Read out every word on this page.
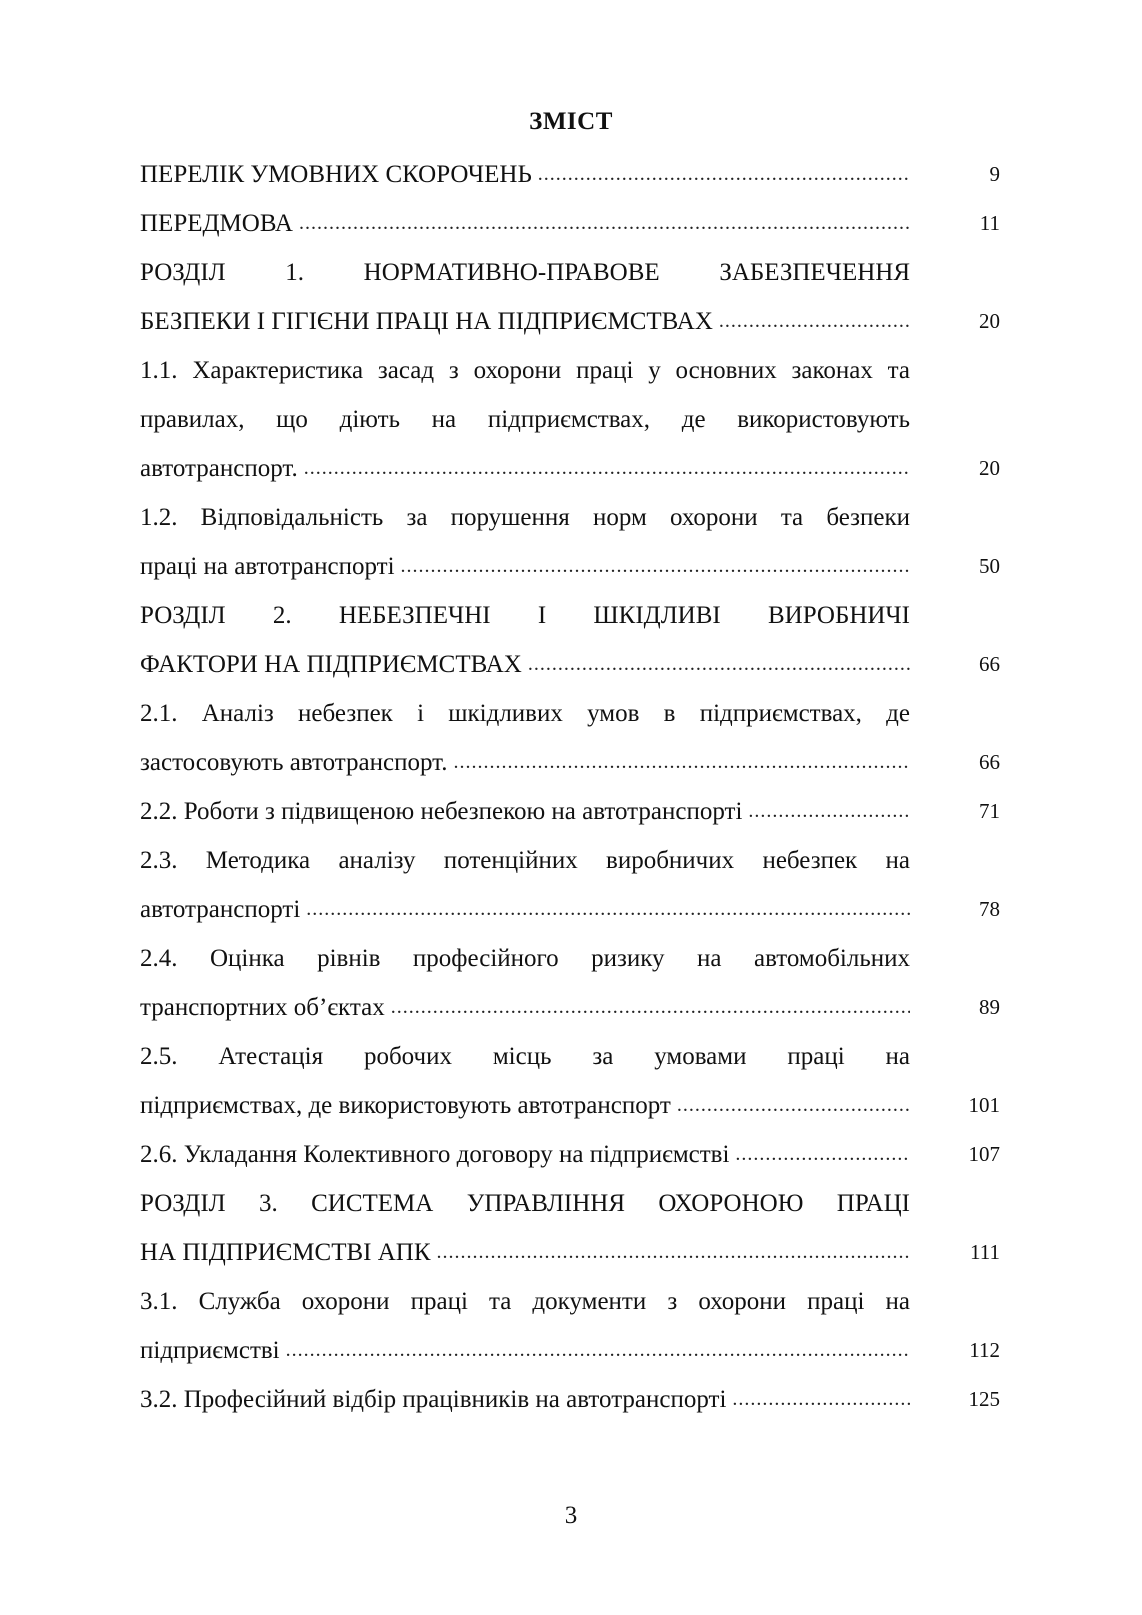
ЗМІСТ
ПЕРЕЛІК УМОВНИХ СКОРОЧЕНЬ .....	9
ПЕРЕДМОВА .....	11
РОЗДІЛ 1. НОРМАТИВНО-ПРАВОВЕ ЗАБЕЗПЕЧЕННЯ
БЕЗПЕКИ І ГІГІЄНИ ПРАЦІ НА ПІДПРИЄМСТВАХ .....	20
1.1. Характеристика засад з охорони праці у основних законах та
правилах, що діють на підприємствах, де використовують
автотранспорт. .....	20
1.2. Відповідальність за порушення норм охорони та безпеки
праці на автотранспорті .....	50
РОЗДІЛ 2. НЕБЕЗПЕЧНІ І ШКІДЛИВІ ВИРОБНИЧІ
ФАКТОРИ НА ПІДПРИЄМСТВАХ .....	66
2.1. Аналіз небезпек і шкідливих умов в підприємствах, де
застосовують автотранспорт. .....	66
2.2. Роботи з підвищеною небезпекою на автотранспорті .....	71
2.3. Методика аналізу потенційних виробничих небезпек на
автотранспорті .....	78
2.4. Оцінка рівнів професійного ризику на автомобільних
транспортних об’єктах .....	89
2.5. Атестація робочих місць за умовами праці на
підприємствах, де використовують автотранспорт .....	101
2.6. Укладання Колективного договору на підприємстві .....	107
РОЗДІЛ 3. СИСТЕМА УПРАВЛІННЯ ОХОРОНОЮ ПРАЦІ
НА ПІДПРИЄМСТВІ АПК .....	111
3.1. Служба охорони праці та документи з охорони праці на
підприємстві .....	112
3.2. Професійний відбір працівників на автотранспорті .....	125
3
